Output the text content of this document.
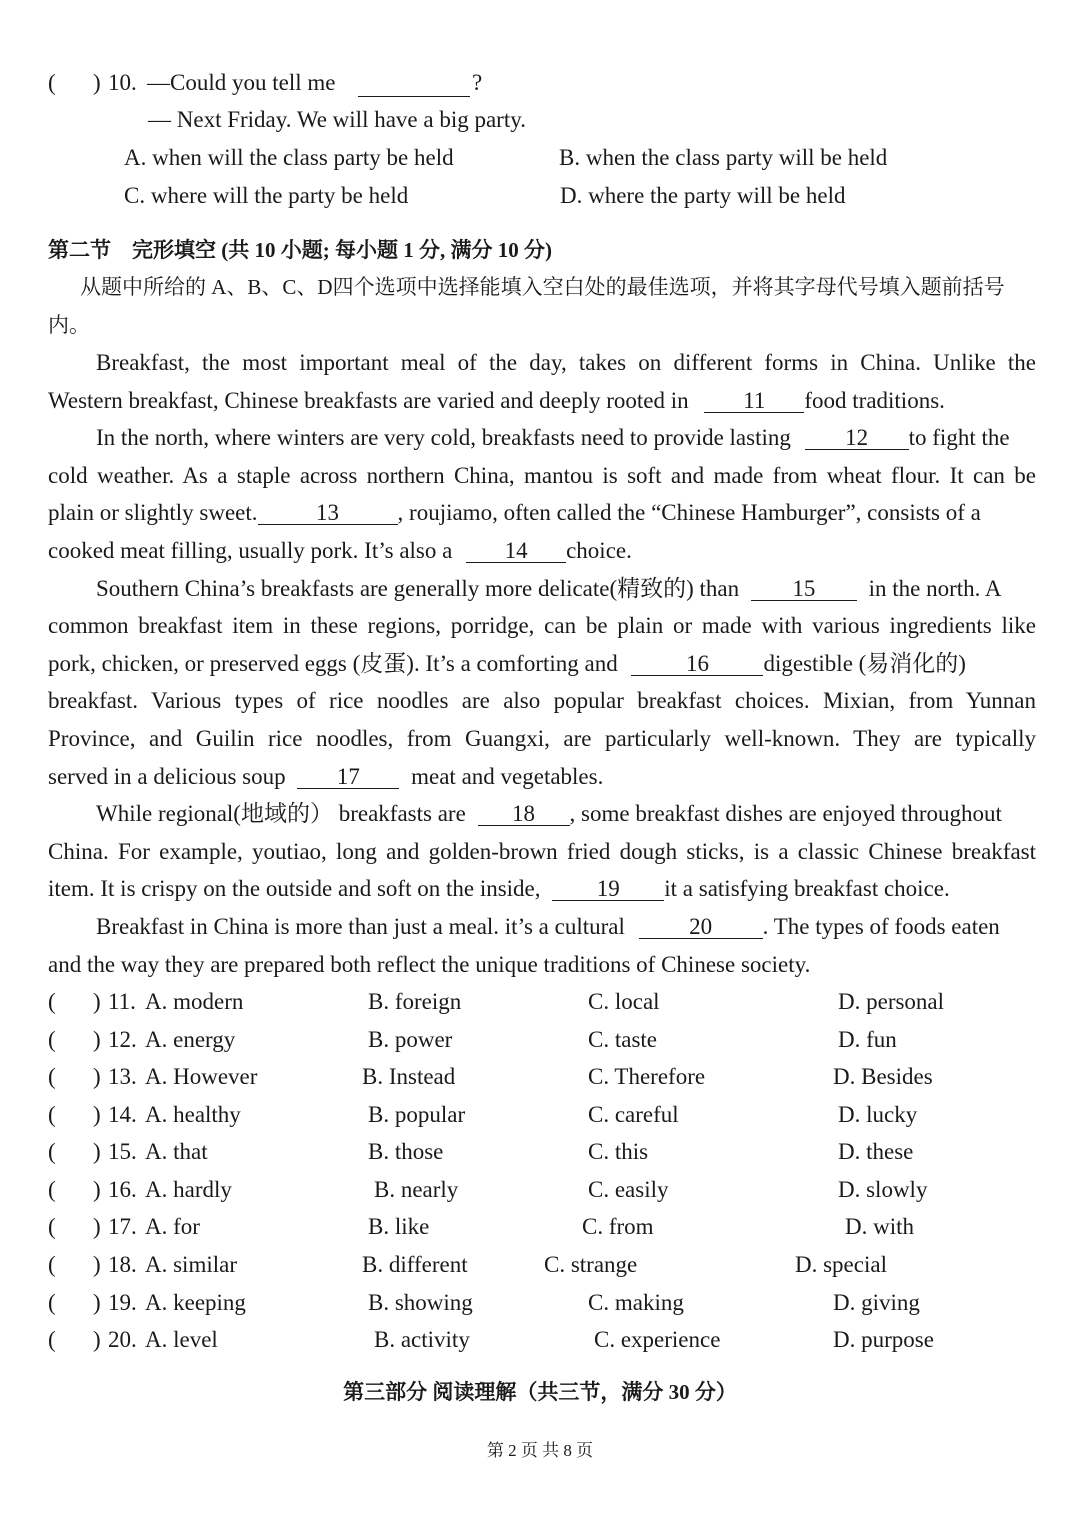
( ) 10. —Could you tell me	?
— Next Friday. We will have a big party.
A. when will the class party be held	B. when the class party will be held
C. where will the party be held	D. where the party will be held
第二节　完形填空 (共 10 小题; 每小题 1 分, 满分 10 分)
从题中所给的 A、B、C、D四个选项中选择能填入空白处的最佳选项，并将其字母代号填入题前括号内。
Breakfast, the most important meal of the day, takes on different forms in China. Unlike the
Western breakfast, Chinese breakfasts are varied and deeply rooted in 11 food traditions.
In the north, where winters are very cold, breakfasts need to provide lasting 12 to fight the
cold weather. As a staple across northern China, mantou is soft and made from wheat flour. It can be
plain or slightly sweet.	13	, roujiamo, often called the “Chinese Hamburger”, consists of a
cooked meat filling, usually pork. It’s also a 14 choice.
Southern China’s breakfasts are generally more delicate(精致的) than 15 in the north. A
common breakfast item in these regions, porridge, can be plain or made with various ingredients like
pork, chicken, or preserved eggs (皮蛋). It’s a comforting and	16 digestible (易消化的)
breakfast. Various types of rice noodles are also popular breakfast choices. Mixian, from Yunnan
Province, and Guilin rice noodles, from Guangxi, are particularly well-known. They are typically
served in a delicious soup 17 meat and vegetables.
While regional(地域的） breakfasts are 18 , some breakfast dishes are enjoyed throughout
China. For example, youtiao, long and golden-brown fried dough sticks, is a classic Chinese breakfast
item. It is crispy on the outside and soft on the inside, 19 it a satisfying breakfast choice.
Breakfast in China is more than just a meal. it’s a cultural	20 . The types of foods eaten
and the way they are prepared both reflect the unique traditions of Chinese society.
( ) 11. A. modern	B. foreign	C. local	D. personal
( ) 12. A. energy	B. power	C. taste	D. fun
( ) 13. A. However	B. Instead	C. Therefore	D. Besides
( ) 14. A. healthy	B. popular	C. careful	D. lucky
( ) 15. A. that	B. those	C. this	D. these
( ) 16. A. hardly	B. nearly	C. easily	D. slowly
( ) 17. A. for	B. like	C. from	D. with
( ) 18. A. similar	B. different	C. strange	D. special
( ) 19. A. keeping	B. showing	C. making	D. giving
( ) 20. A. level	B. activity	C. experience	D. purpose
第三部分 阅读理解（共三节，满分 30 分）
第 2 页 共 8 页
